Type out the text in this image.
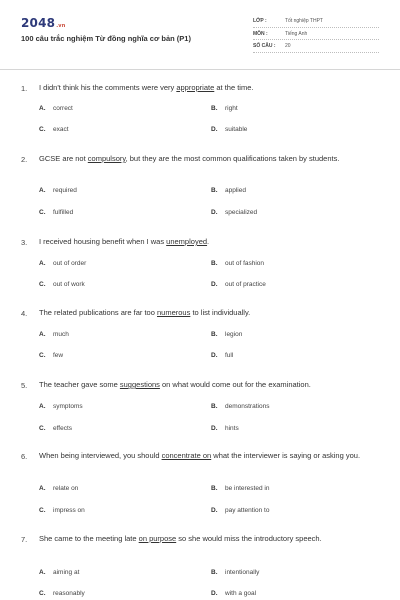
2048.vn
100 câu trắc nghiệm Từ đồng nghĩa cơ bản (P1)
LỚP :	Tốt nghiệp THPT
MÔN :	Tiếng Anh
SỐ CÂU : 20
1. I didn't think his the comments were very appropriate at the time.
A. correct	B. right
C. exact	D. suitable
2. GCSE are not compulsory, but they are the most common qualifications taken by students.
A. required	B. applied
C. fulfilled	D. specialized
3. I received housing benefit when I was unemployed.
A. out of order	B. out of fashion
C. out of work	D. out of practice
4. The related publications are far too numerous to list individually.
A. much	B. legion
C. few	D. full
5. The teacher gave some suggestions on what would come out for the examination.
A. symptoms	B. demonstrations
C. effects	D. hints
6. When being interviewed, you should concentrate on what the interviewer is saying or asking you.
A. relate on	B. be interested in
C. impress on	D. pay attention to
7. She came to the meeting late on purpose so she would miss the introductory speech.
A. aiming at	B. intentionally
C. reasonably	D. with a goal
